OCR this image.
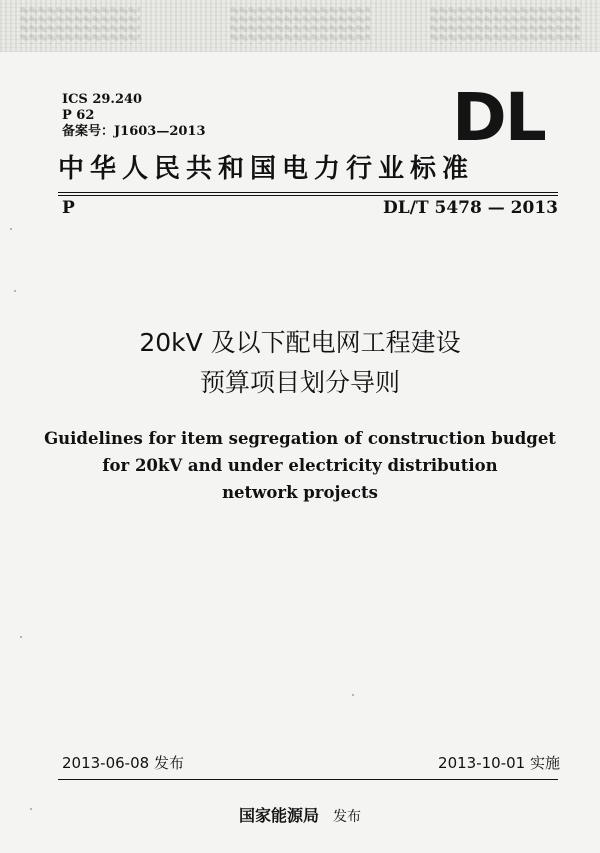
ICS 29.240
P 62
备案号：J1603—2013	DL
中华人民共和国电力行业标准
P	DL/T 5478 — 2013
20kV 及以下配电网工程建设
预算项目划分导则
Guidelines for item segregation of construction budget
for 20kV and under electricity distribution
network projects
2013-06-08 发布	2013-10-01 实施
国家能源局 发布
